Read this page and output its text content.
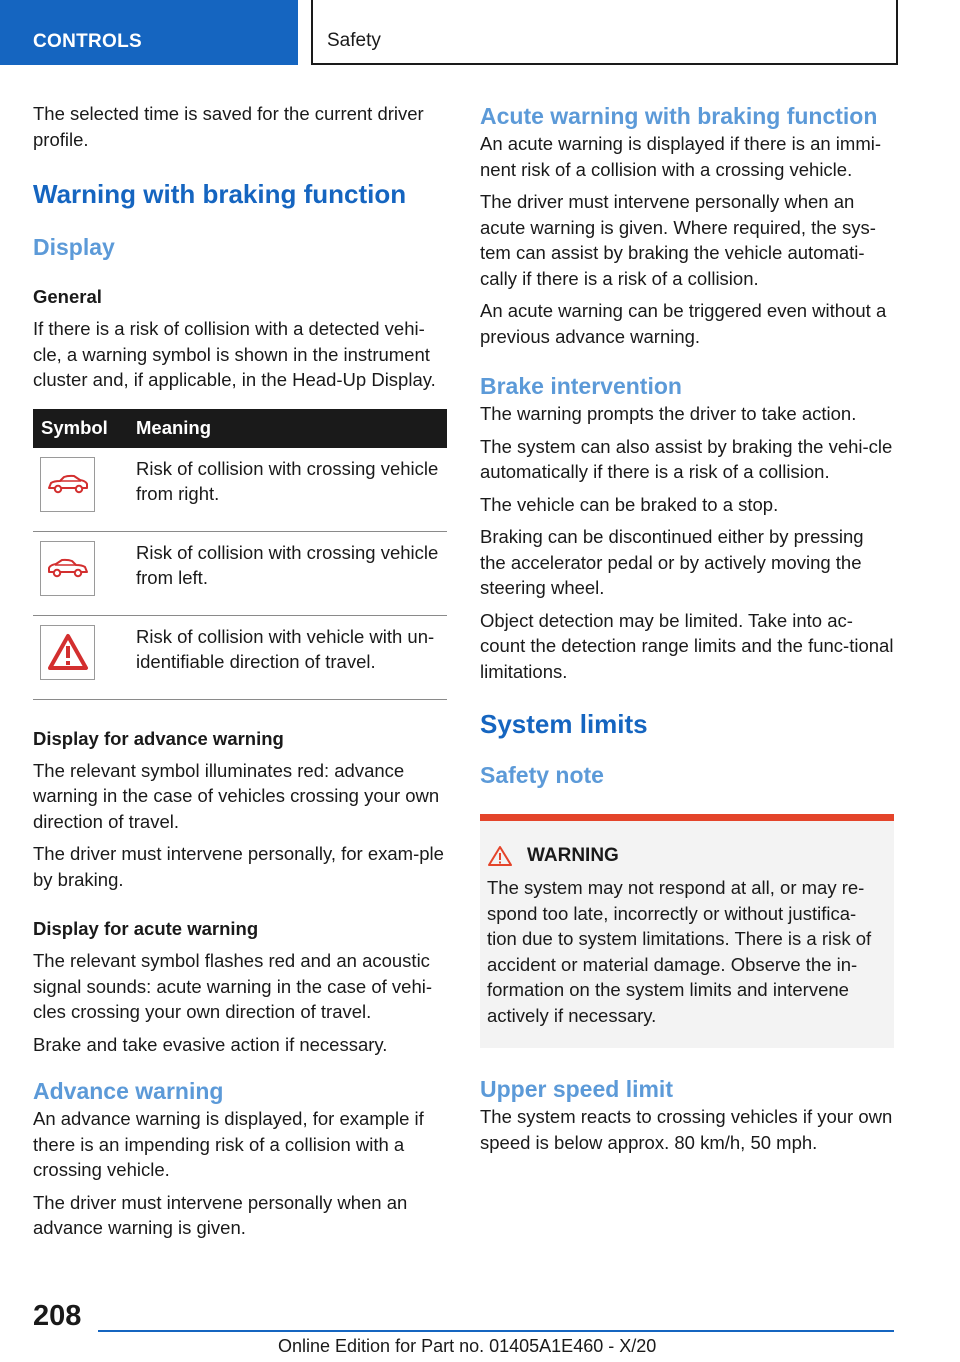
CONTROLS	Safety

The selected time is saved for the current driver profile.

Warning with braking function
Display
General

If there is a risk of collision with a detected vehi-cle, a warning symbol is shown in the instrument cluster and, if applicable, in the Head-Up Display.

Symbol	Meaning

	Risk of collision with crossing vehicle from right.

	Risk of collision with crossing vehicle from left.

	Risk of collision with vehicle with un-identifiable direction of travel.
Display for advance warning

The relevant symbol illuminates red: advance warning in the case of vehicles crossing your own direction of travel.

The driver must intervene personally, for exam-ple by braking.

Display for acute warning

The relevant symbol flashes red and an acoustic signal sounds: acute warning in the case of vehi-cles crossing your own direction of travel.

Brake and take evasive action if necessary.

Advance warning

An advance warning is displayed, for example if there is an impending risk of a collision with a crossing vehicle.

The driver must intervene personally when an advance warning is given.

Acute warning with braking function

An acute warning is displayed if there is an immi-nent risk of a collision with a crossing vehicle.

The driver must intervene personally when an acute warning is given. Where required, the sys-tem can assist by braking the vehicle automati-cally if there is a risk of a collision.

An acute warning can be triggered even without a previous advance warning.

Brake intervention

The warning prompts the driver to take action.

The system can also assist by braking the vehi-cle automatically if there is a risk of a collision.

The vehicle can be braked to a stop.

Braking can be discontinued either by pressing the accelerator pedal or by actively moving the steering wheel.

Object detection may be limited. Take into ac-count the detection range limits and the func-tional limitations.

System limits
Safety note
WARNING

The system may not respond at all, or may re-spond too late, incorrectly or without justifica-tion due to system limitations. There is a risk of accident or material damage. Observe the in-formation on the system limits and intervene actively if necessary.

Upper speed limit

The system reacts to crossing vehicles if your own speed is below approx. 80 km/h, 50 mph.

208
Online Edition for Part no. 01405A1E460 - X/20
